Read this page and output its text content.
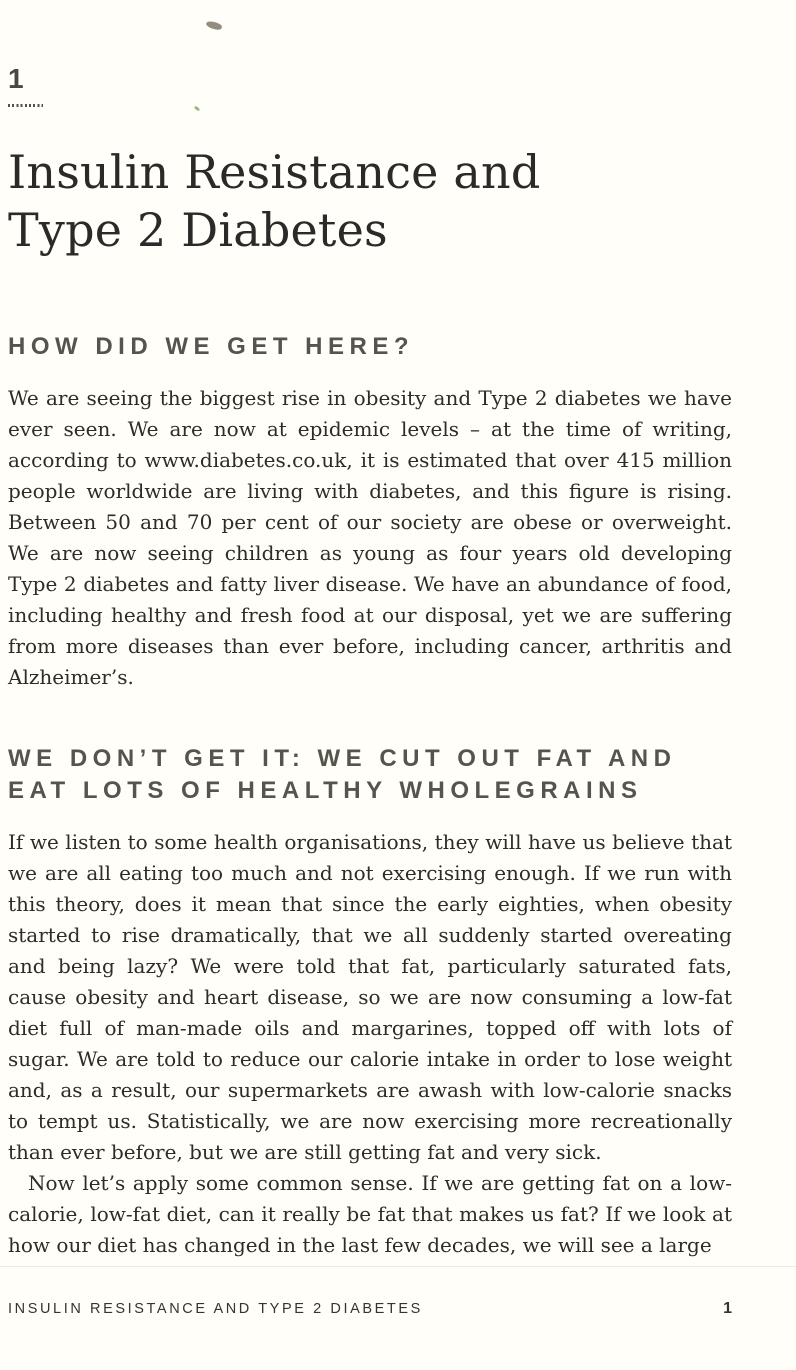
1
Insulin Resistance and Type 2 Diabetes
HOW DID WE GET HERE?

We are seeing the biggest rise in obesity and Type 2 diabetes we have ever seen. We are now at epidemic levels – at the time of writing, according to www.diabetes.co.uk, it is estimated that over 415 million people worldwide are living with diabetes, and this figure is rising. Between 50 and 70 per cent of our society are obese or overweight. We are now seeing children as young as four years old developing Type 2 diabetes and fatty liver disease. We have an abundance of food, including healthy and fresh food at our disposal, yet we are suffering from more diseases than ever before, including cancer, arthritis and Alzheimer’s.

WE DON’T GET IT: WE CUT OUT FAT AND EAT LOTS OF HEALTHY WHOLEGRAINS

If we listen to some health organisations, they will have us believe that we are all eating too much and not exercising enough. If we run with this theory, does it mean that since the early eighties, when obesity started to rise dramatically, that we all suddenly started overeating and being lazy? We were told that fat, particularly saturated fats, cause obesity and heart disease, so we are now consuming a low-fat diet full of man-made oils and margarines, topped off with lots of sugar. We are told to reduce our calorie intake in order to lose weight and, as a result, our supermarkets are awash with low-calorie snacks to tempt us. Statistically, we are now exercising more recreationally than ever before, but we are still getting fat and very sick.

Now let’s apply some common sense. If we are getting fat on a low-calorie, low-fat diet, can it really be fat that makes us fat? If we look at how our diet has changed in the last few decades, we will see a large

INSULIN RESISTANCE AND TYPE 2 DIABETES	1
